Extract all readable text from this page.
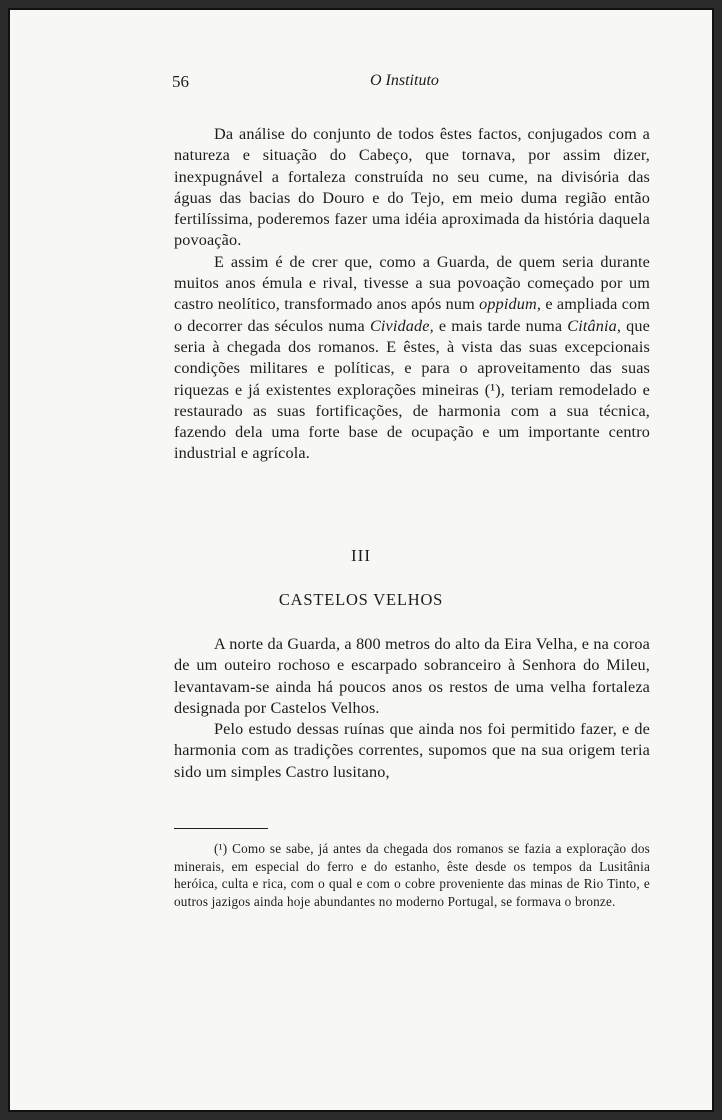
56	O Instituto

Da análise do conjunto de todos êstes factos, conjugados com a natureza e situação do Cabeço, que tornava, por assim dizer, inexpugnável a fortaleza construída no seu cume, na divisória das águas das bacias do Douro e do Tejo, em meio duma região então fertilíssima, poderemos fazer uma idéia aproximada da história daquela povoação.

E assim é de crer que, como a Guarda, de quem seria durante muitos anos émula e rival, tivesse a sua povoação começado por um castro neolítico, transformado anos após num oppidum, e ampliada com o decorrer das séculos numa Cividade, e mais tarde numa Citânia, que seria à chegada dos romanos. E êstes, à vista das suas excepcionais condições militares e políticas, e para o aproveitamento das suas riquezas e já existentes explorações mineiras (¹), teriam remodelado e restaurado as suas fortificações, de harmonia com a sua técnica, fazendo dela uma forte base de ocupação e um importante centro industrial e agrícola.

III
CASTELOS VELHOS

A norte da Guarda, a 800 metros do alto da Eira Velha, e na coroa de um outeiro rochoso e escarpado sobranceiro à Senhora do Mileu, levantavam-se ainda há poucos anos os restos de uma velha fortaleza designada por Castelos Velhos.

Pelo estudo dessas ruínas que ainda nos foi permitido fazer, e de harmonia com as tradições correntes, supomos que na sua origem teria sido um simples Castro lusitano,

(¹) Como se sabe, já antes da chegada dos romanos se fazia a exploração dos minerais, em especial do ferro e do estanho, êste desde os tempos da Lusitânia heróica, culta e rica, com o qual e com o cobre proveniente das minas de Rio Tinto, e outros jazigos ainda hoje abundantes no moderno Portugal, se formava o bronze.
